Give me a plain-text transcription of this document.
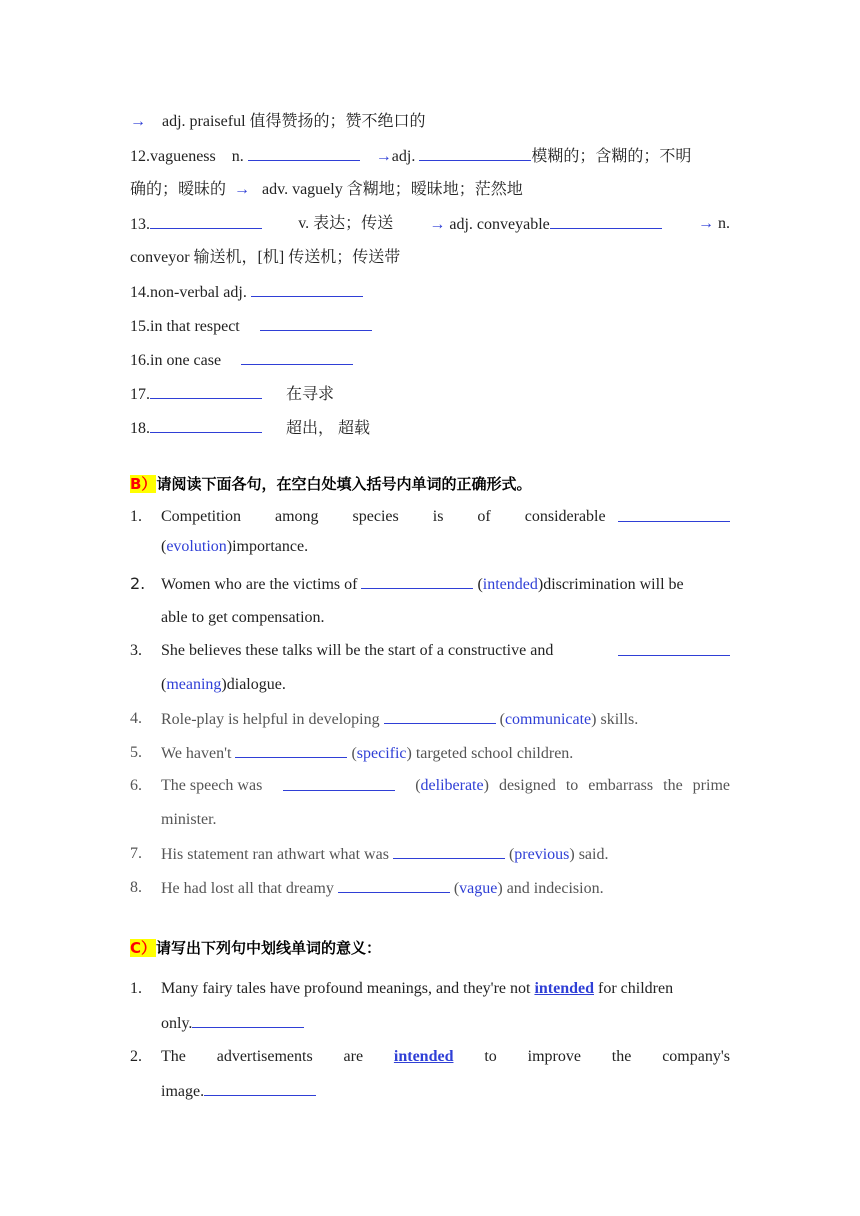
→ adj. praiseful 值得赞扬的；赞不绝口的
12.vagueness n.	→adj.	模糊的；含糊的；不明
确的；暧昧的 → adv. vaguely 含糊地；暧昧地；茫然地
13.	v. 表达；传送 → adj. conveyable	→ n.
conveyor 输送机，[机] 传送机；传送带
14.non-verbal adj.
15.in that respect
16.in one case
17.	在寻求
18.	超出， 超载
B）请阅读下面各句，在空白处填入括号内单词的正确形式。
1.	Competition among species is of considerable
(evolution)importance.
2. Women who are the victims of	(intended)discrimination will be
able to get compensation.
3.	She believes these talks will be the start of a constructive and
(meaning)dialogue.
4.	Role-play is helpful in developing	(communicate) skills.
5.	We haven't	(specific) targeted school children.
6.	The speech was	(deliberate) designed to embarrass the prime
minister.
7.	His statement ran athwart what was	(previous) said.
8.	He had lost all that dreamy	(vague) and indecision.
C）请写出下列句中划线单词的意义：
1.	Many fairy tales have profound meanings, and they're not intended for children
only.
2.	The advertisements are intended to improve the company's
image.
